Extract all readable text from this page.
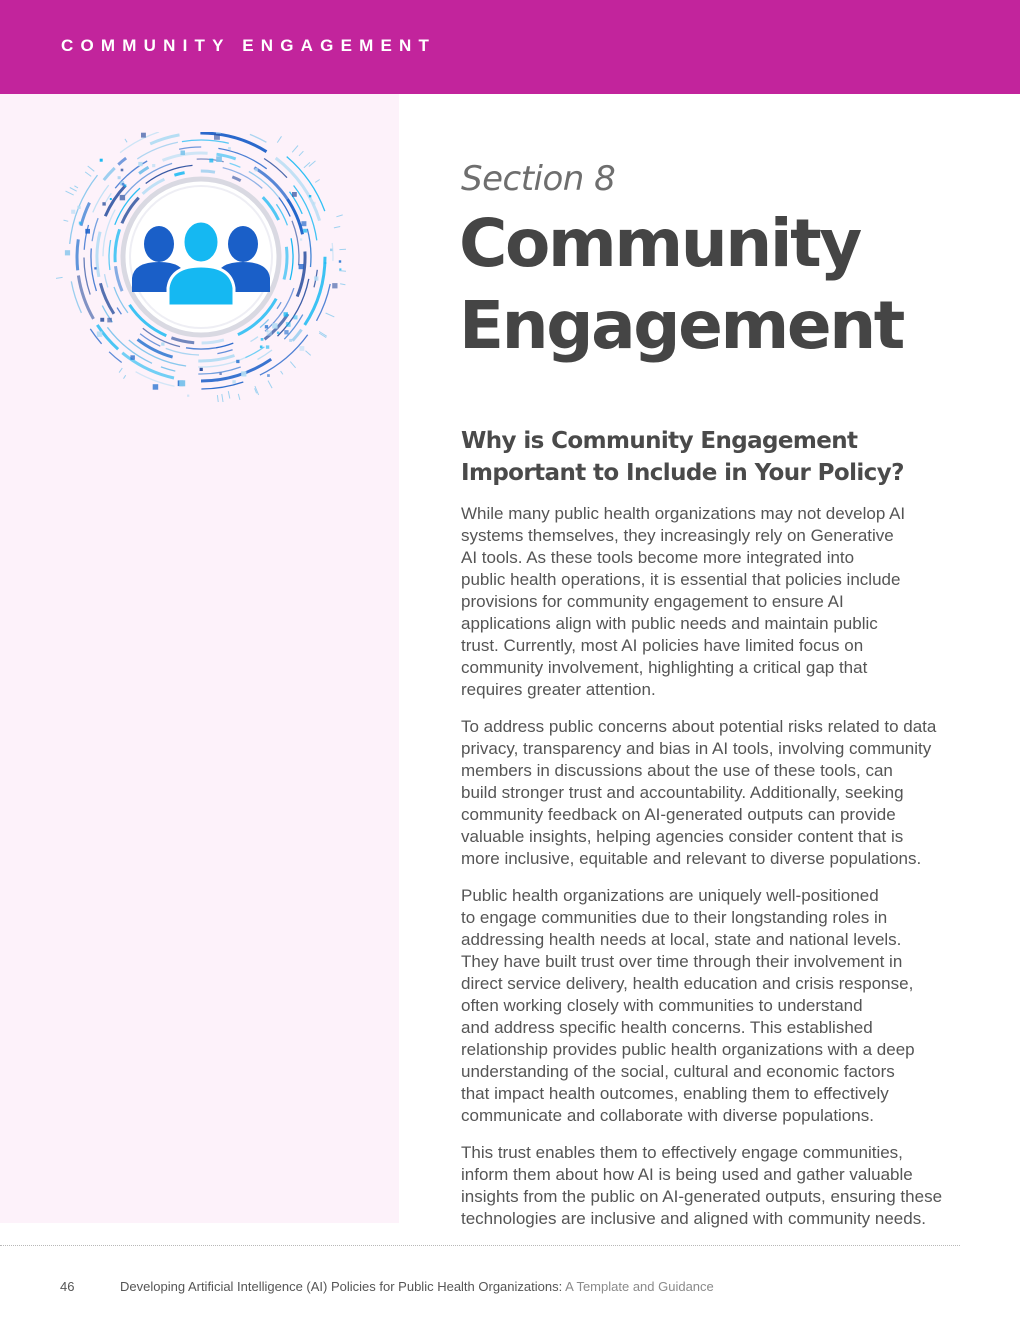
COMMUNITY ENGAGEMENT
Section 8
Community
Engagement
Why is Community Engagement
Important to Include in Your Policy?

While many public health organizations may not develop AI
systems themselves, they increasingly rely on Generative
AI tools. As these tools become more integrated into
public health operations, it is essential that policies include
provisions for community engagement to ensure AI
applications align with public needs and maintain public
trust. Currently, most AI policies have limited focus on
community involvement, highlighting a critical gap that
requires greater attention.

To address public concerns about potential risks related to data
privacy, transparency and bias in AI tools, involving community
members in discussions about the use of these tools, can
build stronger trust and accountability. Additionally, seeking
community feedback on AI-generated outputs can provide
valuable insights, helping agencies consider content that is
more inclusive, equitable and relevant to diverse populations.

Public health organizations are uniquely well-positioned
to engage communities due to their longstanding roles in
addressing health needs at local, state and national levels.
They have built trust over time through their involvement in
direct service delivery, health education and crisis response,
often working closely with communities to understand
and address specific health concerns. This established
relationship provides public health organizations with a deep
understanding of the social, cultural and economic factors
that impact health outcomes, enabling them to effectively
communicate and collaborate with diverse populations.

This trust enables them to effectively engage communities,
inform them about how AI is being used and gather valuable
insights from the public on AI-generated outputs, ensuring these
technologies are inclusive and aligned with community needs.

46	Developing Artificial Intelligence (AI) Policies for Public Health Organizations: A Template and Guidance
